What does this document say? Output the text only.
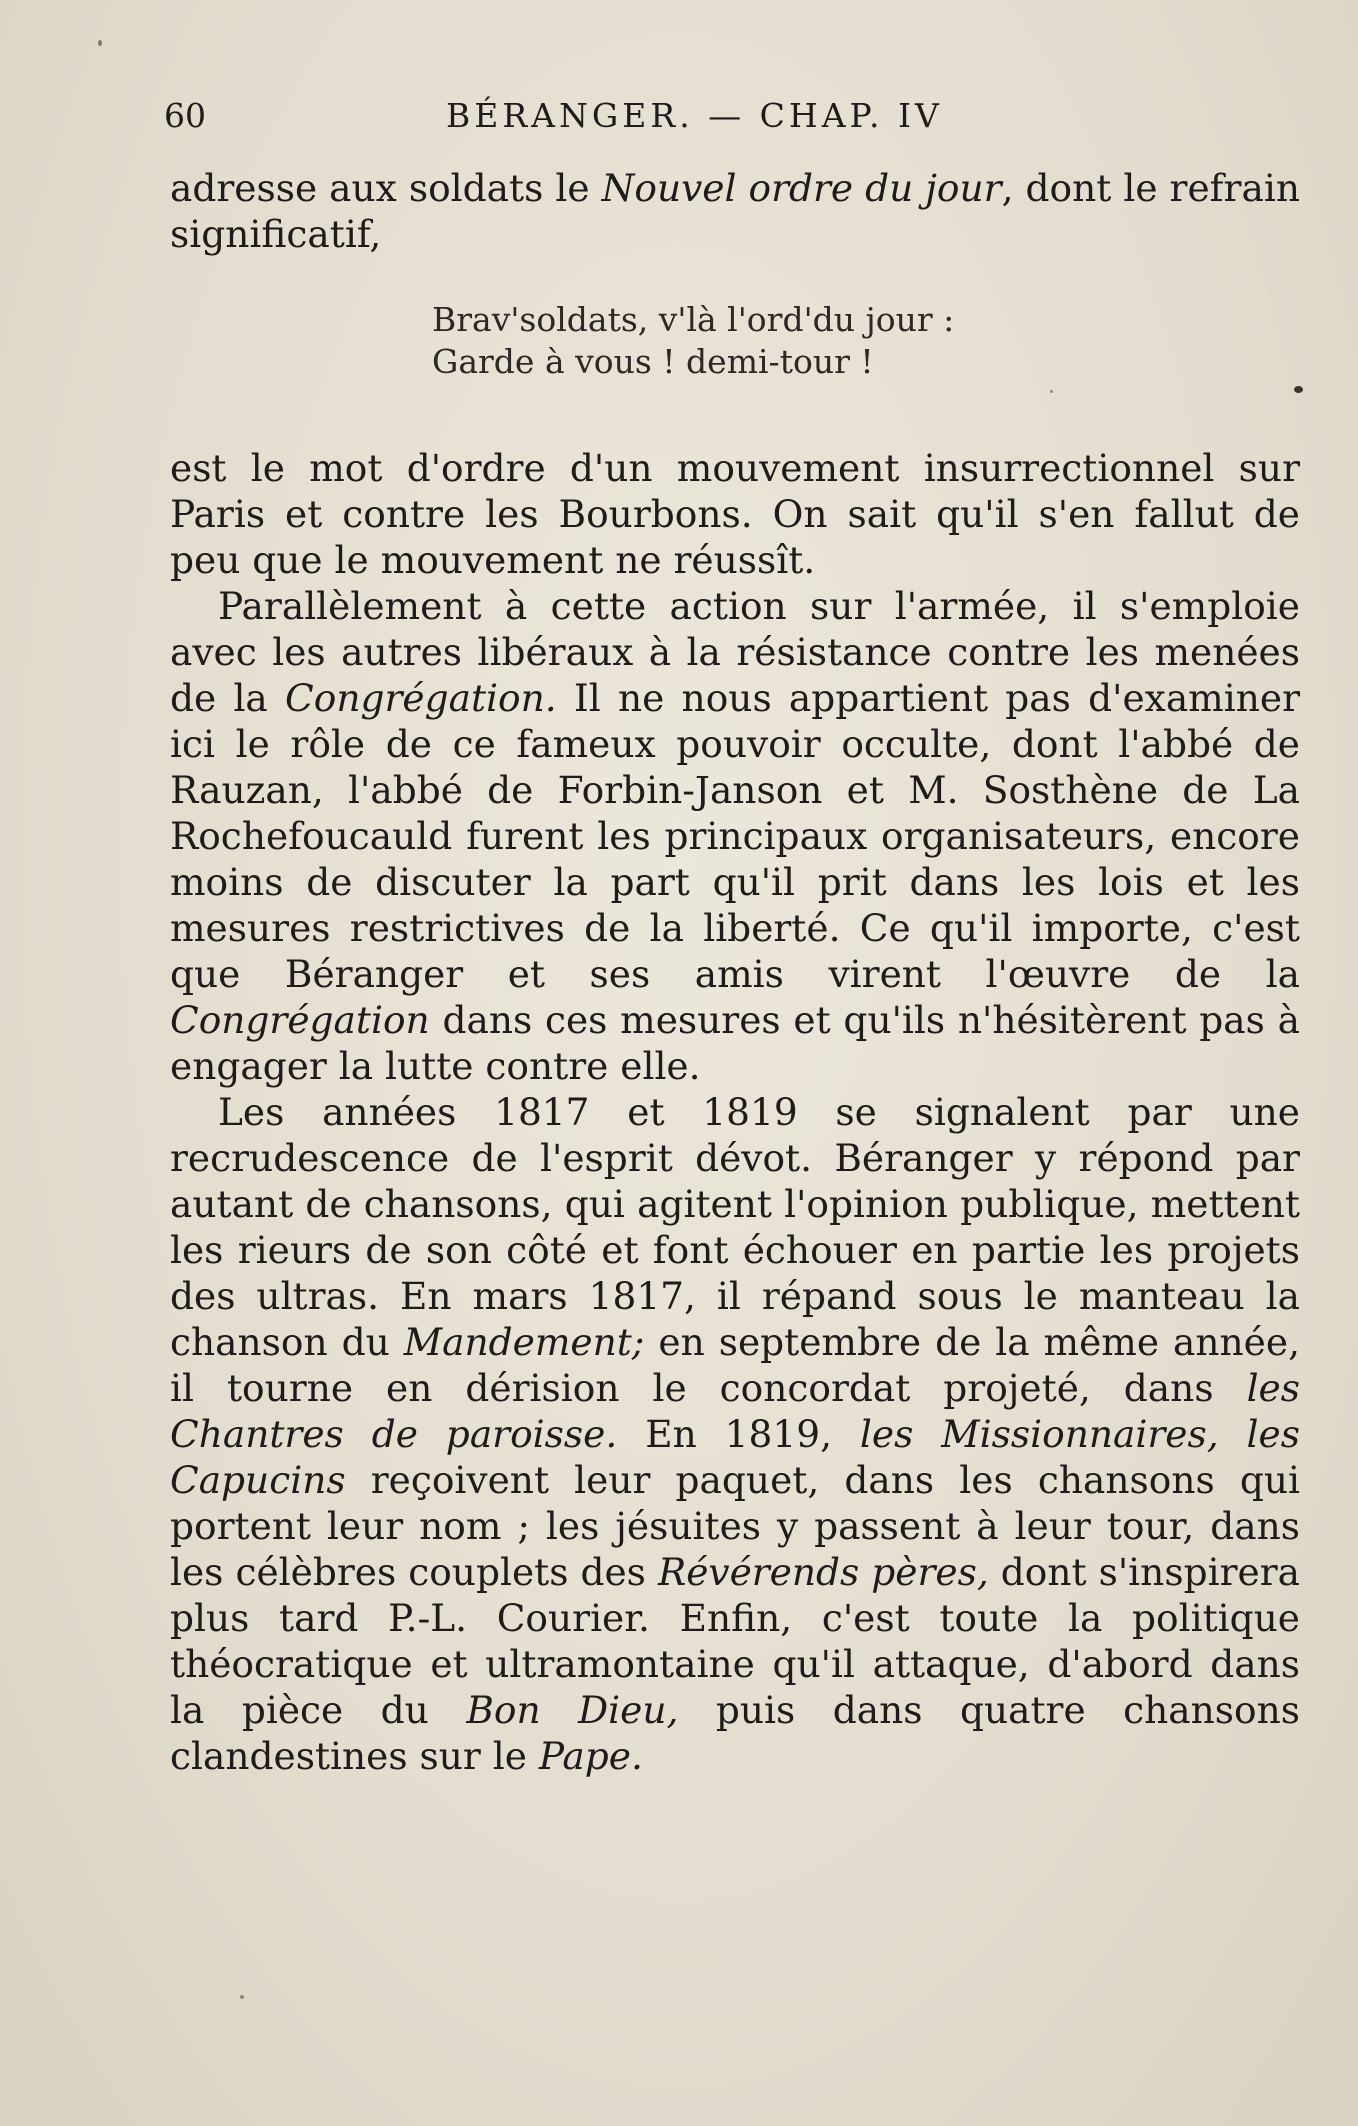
60	BÉRANGER. — CHAP. IV

adresse aux soldats le Nouvel ordre du jour, dont le refrain significatif,

Brav'soldats, v'là l'ord'du jour :
Garde à vous ! demi-tour !

est le mot d'ordre d'un mouvement insurrectionnel sur Paris et contre les Bourbons. On sait qu'il s'en fallut de peu que le mouvement ne réussît.

Parallèlement à cette action sur l'armée, il s'emploie avec les autres libéraux à la résistance contre les menées de la Congrégation. Il ne nous appartient pas d'examiner ici le rôle de ce fameux pouvoir occulte, dont l'abbé de Rauzan, l'abbé de Forbin-Janson et M. Sosthène de La Rochefoucauld furent les principaux organisateurs, encore moins de discuter la part qu'il prit dans les lois et les mesures restrictives de la liberté. Ce qu'il importe, c'est que Béranger et ses amis virent l'œuvre de la Congrégation dans ces mesures et qu'ils n'hésitèrent pas à engager la lutte contre elle.

Les années 1817 et 1819 se signalent par une recrudescence de l'esprit dévot. Béranger y répond par autant de chansons, qui agitent l'opinion publique, mettent les rieurs de son côté et font échouer en partie les projets des ultras. En mars 1817, il répand sous le manteau la chanson du Mandement; en septembre de la même année, il tourne en dérision le concordat projeté, dans les Chantres de paroisse. En 1819, les Missionnaires, les Capucins reçoivent leur paquet, dans les chansons qui portent leur nom ; les jésuites y passent à leur tour, dans les célèbres couplets des Révérends pères, dont s'inspirera plus tard P.-L. Courier. Enfin, c'est toute la politique théocratique et ultramontaine qu'il attaque, d'abord dans la pièce du Bon Dieu, puis dans quatre chansons clandestines sur le Pape.
